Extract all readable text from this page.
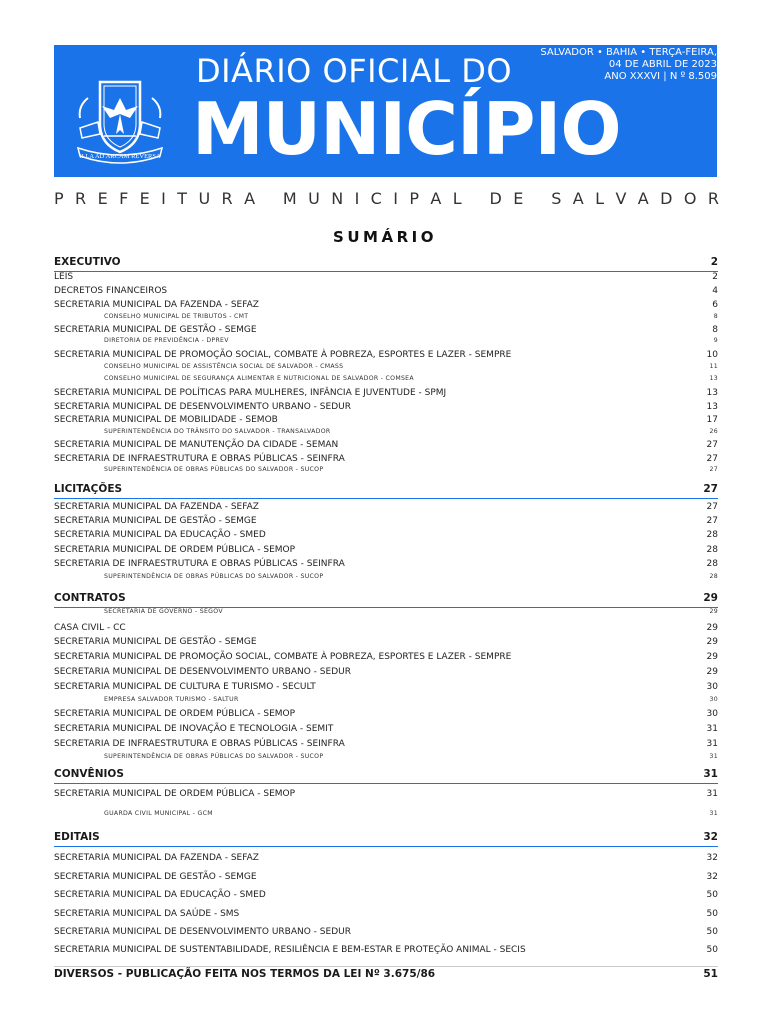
ILLA AD ARCAM REVERSA
DIÁRIO OFICIAL DO
MUNICÍPIO
SALVADOR • BAHIA • TERÇA-FEIRA,
04 DE ABRIL DE 2023
ANO XXXVI | N º 8.509
P R E F E I T U R A
M U N I C I P A L
D E
S A L V A D O R
SUMÁRIO
EXECUTIVO	2
LEIS	2
DECRETOS FINANCEIROS	4
SECRETARIA MUNICIPAL DA FAZENDA - SEFAZ	6
CONSELHO MUNICIPAL DE TRIBUTOS - CMT	8
SECRETARIA MUNICIPAL DE GESTÃO - SEMGE	8
DIRETORIA DE PREVIDÊNCIA - DPREV	9
SECRETARIA MUNICIPAL DE PROMOÇÃO SOCIAL, COMBATE À POBREZA, ESPORTES E LAZER - SEMPRE	10
CONSELHO MUNICIPAL DE ASSISTÊNCIA SOCIAL DE SALVADOR - CMASS	11
CONSELHO MUNICIPAL DE SEGURANÇA ALIMENTAR E NUTRICIONAL DE SALVADOR - COMSEA	13
SECRETARIA MUNICIPAL DE POLÍTICAS PARA MULHERES, INFÂNCIA E JUVENTUDE - SPMJ	13
SECRETARIA MUNICIPAL DE DESENVOLVIMENTO URBANO - SEDUR	13
SECRETARIA MUNICIPAL DE MOBILIDADE - SEMOB	17
SUPERINTENDÊNCIA DO TRÂNSITO DO SALVADOR - TRANSALVADOR	26
SECRETARIA MUNICIPAL DE MANUTENÇÃO DA CIDADE - SEMAN	27
SECRETARIA DE INFRAESTRUTURA E OBRAS PÚBLICAS - SEINFRA	27
SUPERINTENDÊNCIA DE OBRAS PÚBLICAS DO SALVADOR - SUCOP	27
LICITAÇÕES	27
SECRETARIA MUNICIPAL DA FAZENDA - SEFAZ	27
SECRETARIA MUNICIPAL DE GESTÃO - SEMGE	27
SECRETARIA MUNICIPAL DA EDUCAÇÃO - SMED	28
SECRETARIA MUNICIPAL DE ORDEM PÚBLICA - SEMOP	28
SECRETARIA DE INFRAESTRUTURA E OBRAS PÚBLICAS - SEINFRA	28
SUPERINTENDÊNCIA DE OBRAS PÚBLICAS DO SALVADOR - SUCOP	28
CONTRATOS	29
SECRETARIA DE GOVERNO - SEGOV	29
CASA CIVIL - CC	29
SECRETARIA MUNICIPAL DE GESTÃO - SEMGE	29
SECRETARIA MUNICIPAL DE PROMOÇÃO SOCIAL, COMBATE À POBREZA, ESPORTES E LAZER - SEMPRE	29
SECRETARIA MUNICIPAL DE DESENVOLVIMENTO URBANO - SEDUR	29
SECRETARIA MUNICIPAL DE CULTURA E TURISMO - SECULT	30
EMPRESA SALVADOR TURISMO - SALTUR	30
SECRETARIA MUNICIPAL DE ORDEM PÚBLICA - SEMOP	30
SECRETARIA MUNICIPAL DE INOVAÇÃO E TECNOLOGIA - SEMIT	31
SECRETARIA DE INFRAESTRUTURA E OBRAS PÚBLICAS - SEINFRA	31
SUPERINTENDÊNCIA DE OBRAS PÚBLICAS DO SALVADOR - SUCOP	31
CONVÊNIOS	31
SECRETARIA MUNICIPAL DE ORDEM PÚBLICA - SEMOP	31
GUARDA CIVIL MUNICIPAL - GCM	31
EDITAIS	32
SECRETARIA MUNICIPAL DA FAZENDA - SEFAZ	32
SECRETARIA MUNICIPAL DE GESTÃO - SEMGE	32
SECRETARIA MUNICIPAL DA EDUCAÇÃO - SMED	50
SECRETARIA MUNICIPAL DA SAÚDE - SMS	50
SECRETARIA MUNICIPAL DE DESENVOLVIMENTO URBANO - SEDUR	50
SECRETARIA MUNICIPAL DE SUSTENTABILIDADE, RESILIÊNCIA E BEM-ESTAR E PROTEÇÃO ANIMAL - SECIS	50
DIVERSOS - PUBLICAÇÃO FEITA NOS TERMOS DA LEI Nº 3.675/86	51
